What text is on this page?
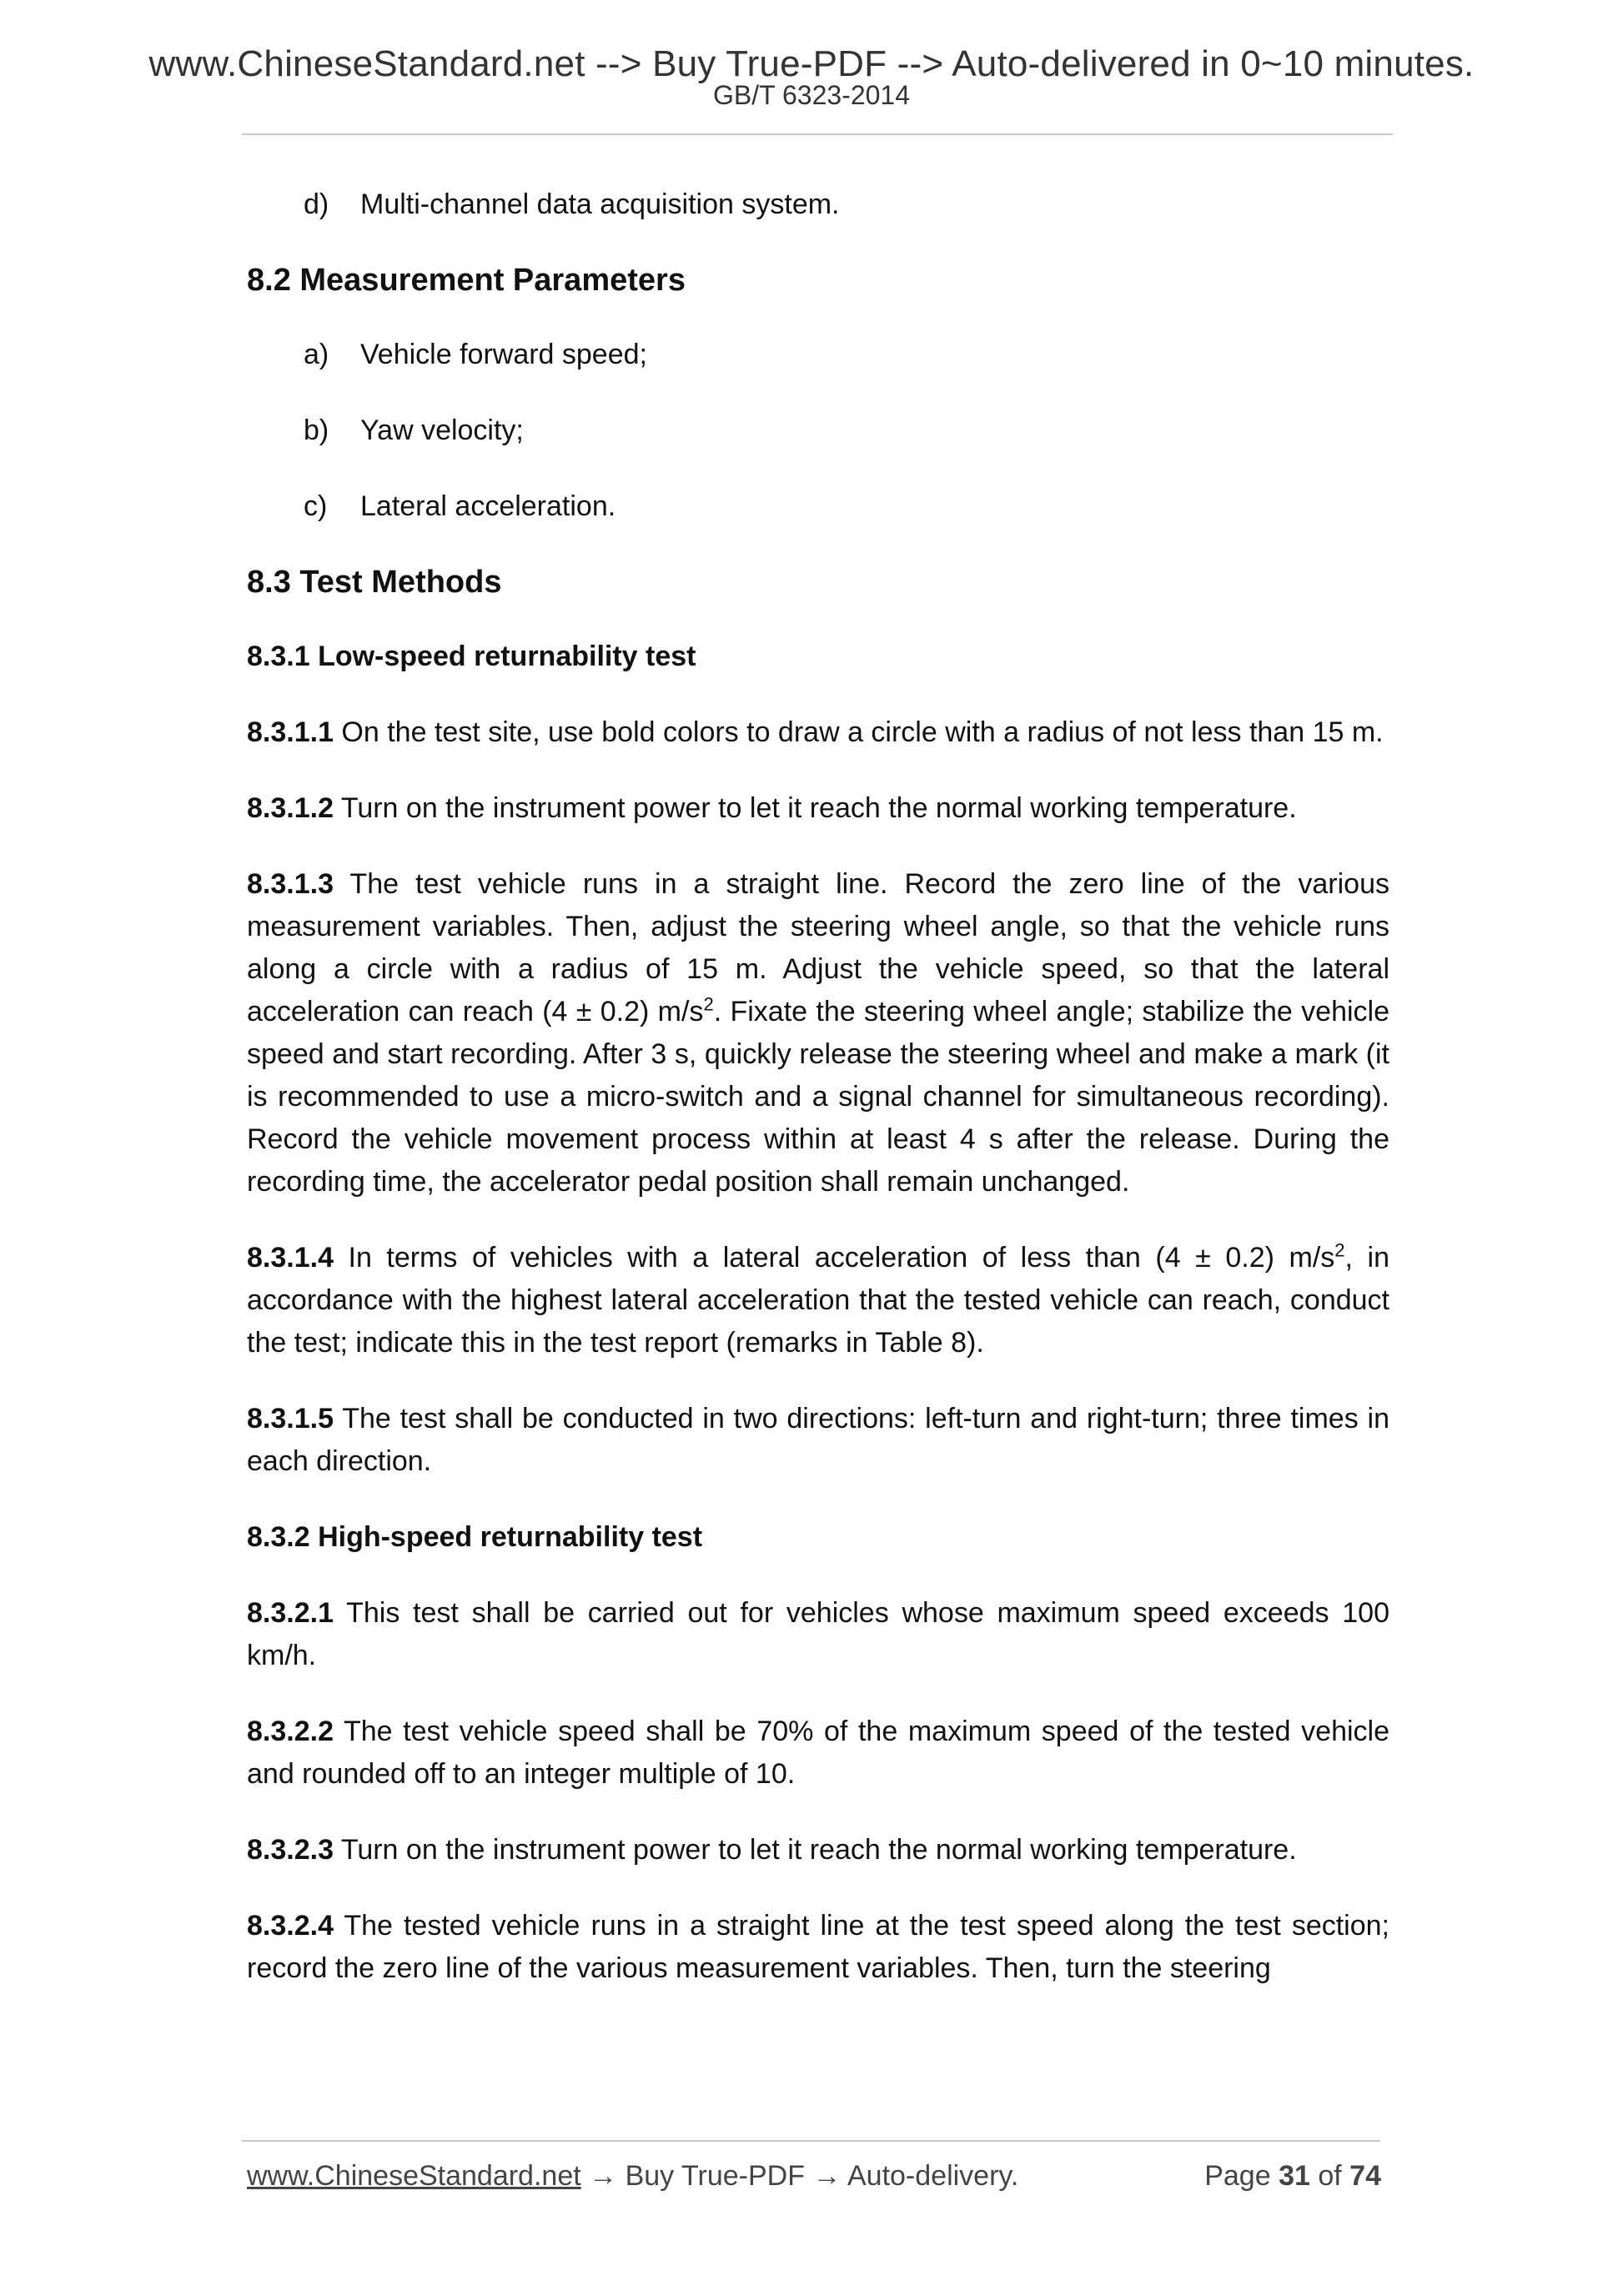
www.ChineseStandard.net --> Buy True-PDF --> Auto-delivered in 0~10 minutes.
GB/T 6323-2014
d)	Multi-channel data acquisition system.
8.2 Measurement Parameters
a)	Vehicle forward speed;
b)	Yaw velocity;
c)	Lateral acceleration.
8.3 Test Methods
8.3.1 Low-speed returnability test

8.3.1.1 On the test site, use bold colors to draw a circle with a radius of not less than 15 m.

8.3.1.2 Turn on the instrument power to let it reach the normal working temperature.

8.3.1.3 The test vehicle runs in a straight line. Record the zero line of the various measurement variables. Then, adjust the steering wheel angle, so that the vehicle runs along a circle with a radius of 15 m. Adjust the vehicle speed, so that the lateral acceleration can reach (4 ± 0.2) $m/s^2$. Fixate the steering wheel angle; stabilize the vehicle speed and start recording. After 3 s, quickly release the steering wheel and make a mark (it is recommended to use a micro-switch and a signal channel for simultaneous recording). Record the vehicle movement process within at least 4 s after the release. During the recording time, the accelerator pedal position shall remain unchanged.

8.3.1.4 In terms of vehicles with a lateral acceleration of less than (4 ± 0.2) $m/s^2$, in accordance with the highest lateral acceleration that the tested vehicle can reach, conduct the test; indicate this in the test report (remarks in Table 8).

8.3.1.5 The test shall be conducted in two directions: left-turn and right-turn; three times in each direction.

8.3.2 High-speed returnability test

8.3.2.1 This test shall be carried out for vehicles whose maximum speed exceeds 100 km/h.

8.3.2.2 The test vehicle speed shall be 70% of the maximum speed of the tested vehicle and rounded off to an integer multiple of 10.

8.3.2.3 Turn on the instrument power to let it reach the normal working temperature.

8.3.2.4 The tested vehicle runs in a straight line at the test speed along the test section; record the zero line of the various measurement variables. Then, turn the steering

www.ChineseStandard.net → Buy True-PDF → Auto-delivery.	Page 31 of 74
